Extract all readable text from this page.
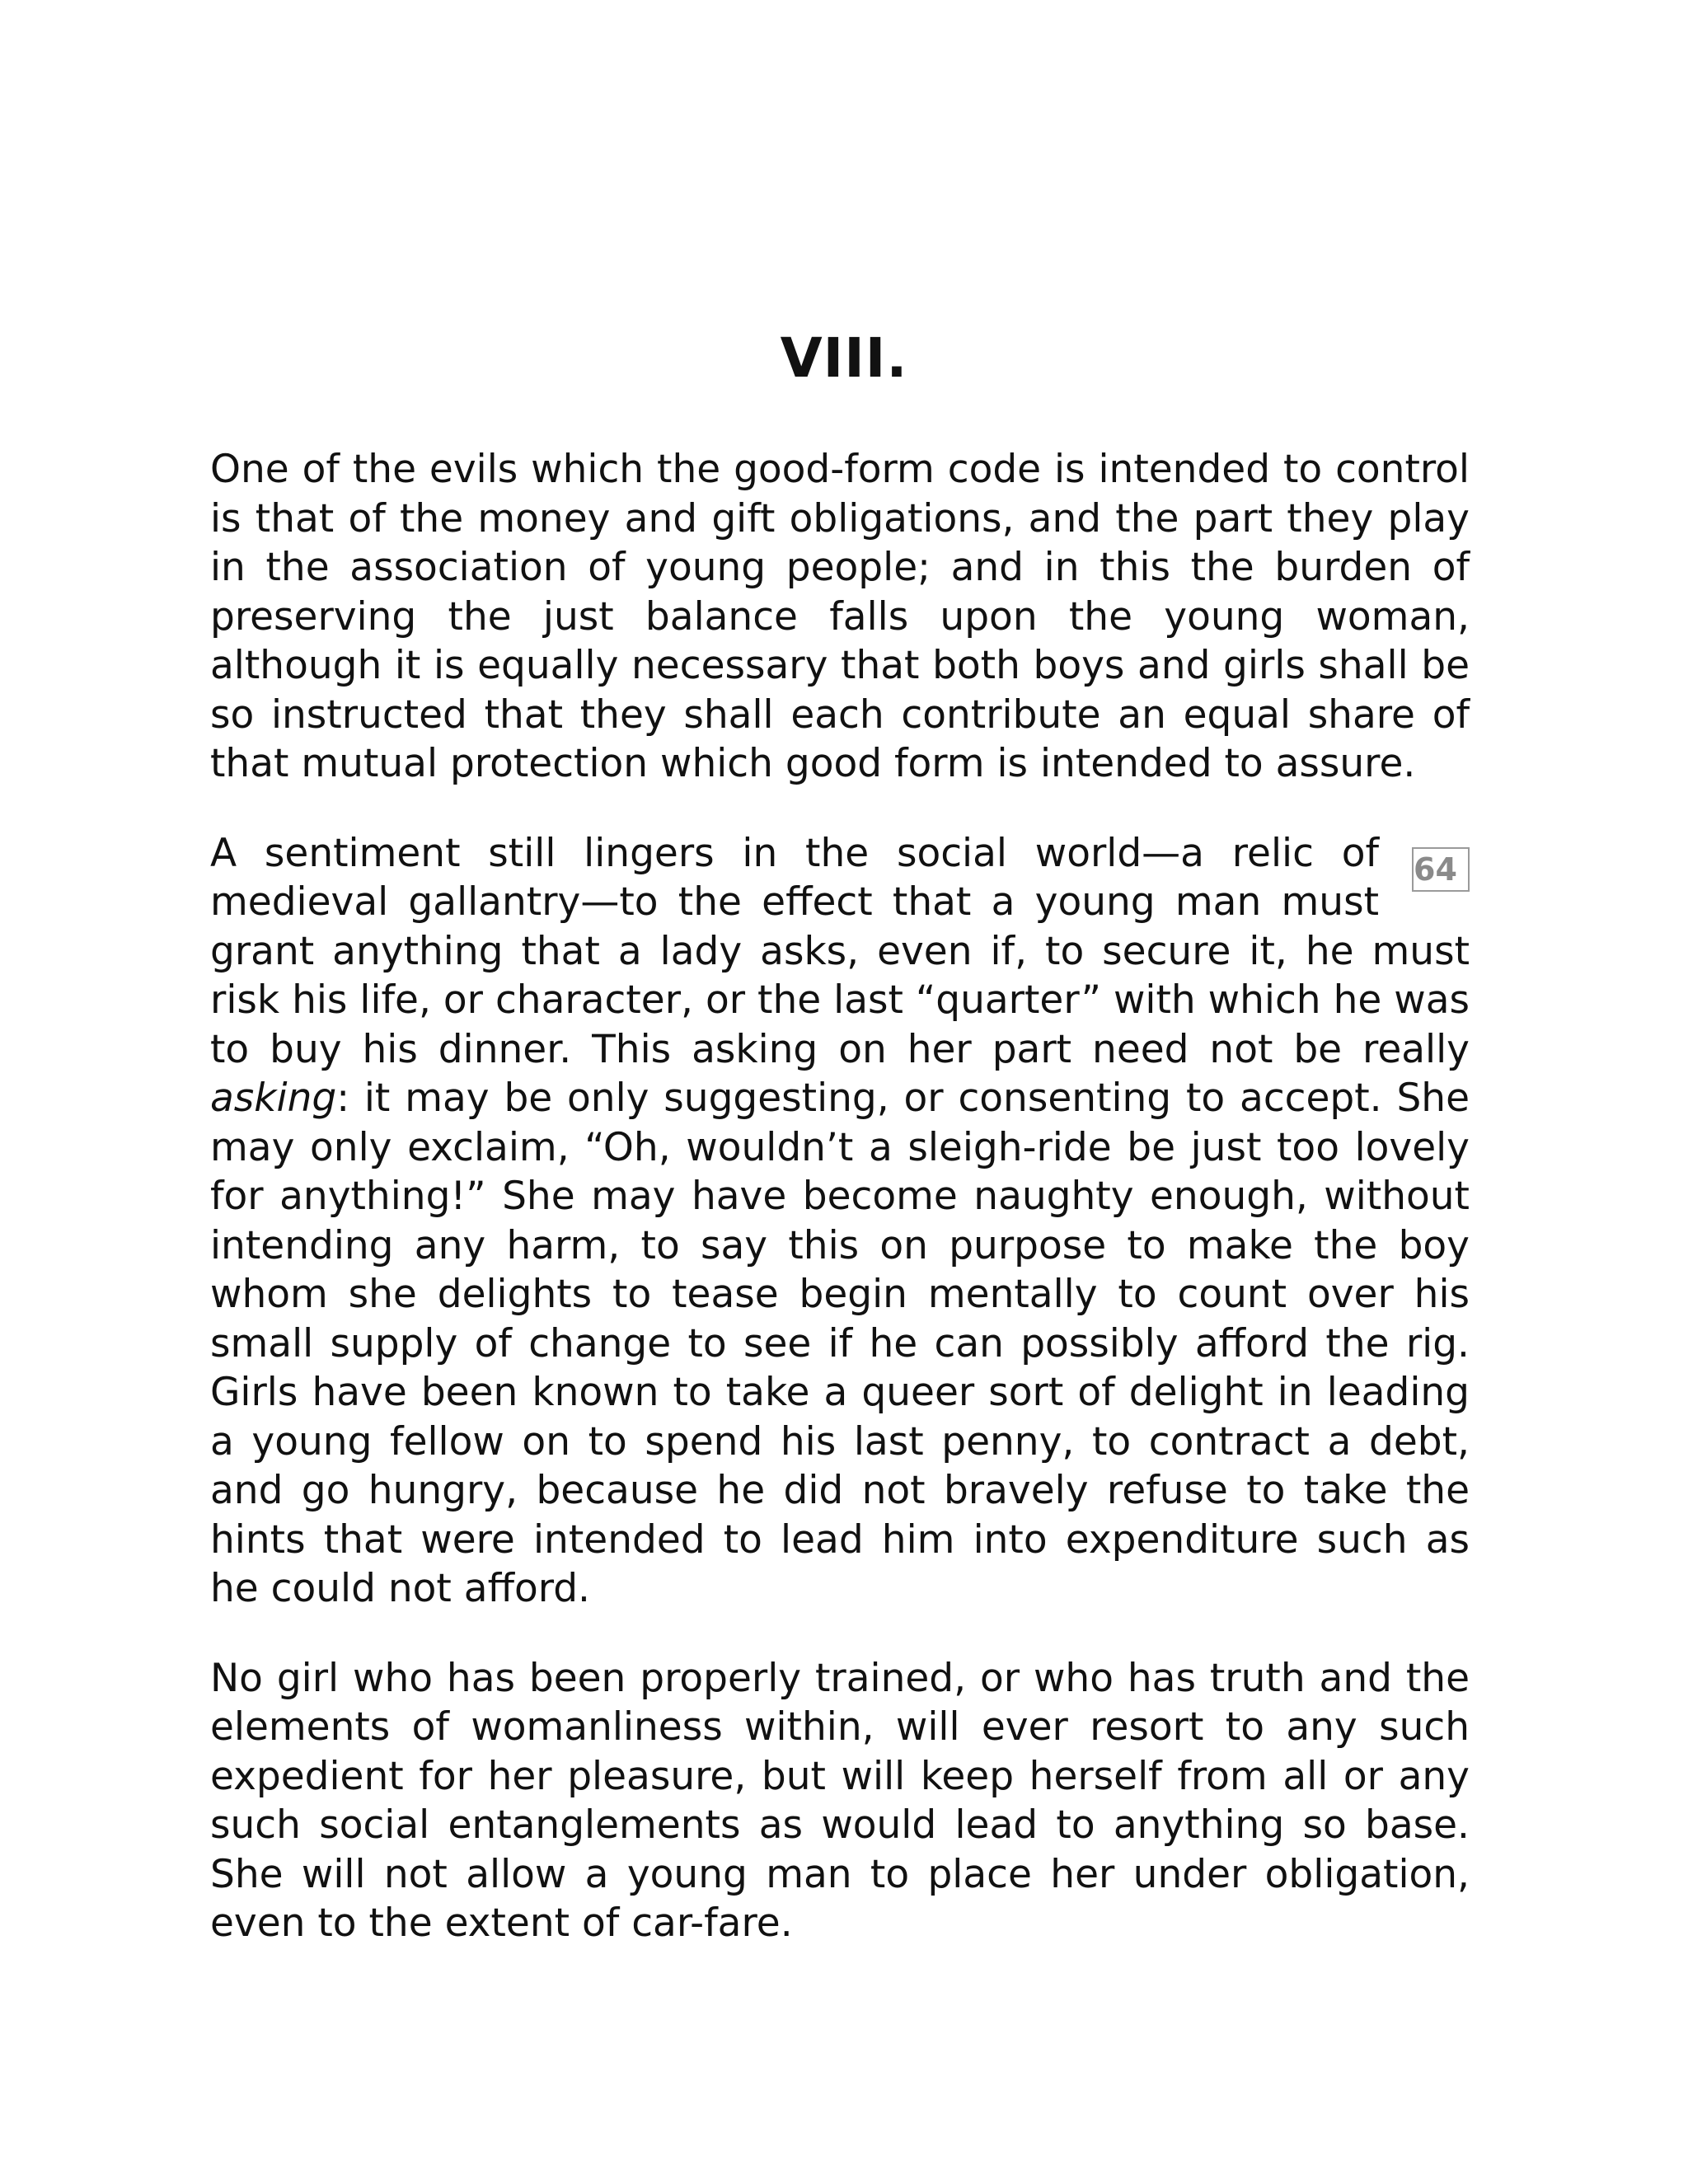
VIII.

One of the evils which the good-form code is intended to control is that of the money and gift obligations, and the part they play in the association of young people; and in this the burden of preserving the just balance falls upon the young woman, although it is equally necessary that both boys and girls shall be so instructed that they shall each contribute an equal share of that mutual protection which good form is intended to assure.

64
A sentiment still lingers in the social world—a relic of medieval gallantry—to the effect that a young man must grant anything that a lady asks, even if, to secure it, he must risk his life, or character, or the last “quarter” with which he was to buy his dinner. This asking on her part need not be really asking: it may be only suggesting, or consenting to accept. She may only exclaim, “Oh, wouldn’t a sleigh-ride be just too lovely for anything!” She may have become naughty enough, without intending any harm, to say this on purpose to make the boy whom she delights to tease begin mentally to count over his small supply of change to see if he can possibly afford the rig. Girls have been known to take a queer sort of delight in leading a young fellow on to spend his last penny, to contract a debt, and go hungry, because he did not bravely refuse to take the hints that were intended to lead him into expenditure such as he could not afford.

No girl who has been properly trained, or who has truth and the elements of womanliness within, will ever resort to any such expedient for her pleasure, but will keep herself from all or any such social entanglements as would lead to anything so base. She will not allow a young man to place her under obligation, even to the extent of car-fare.
